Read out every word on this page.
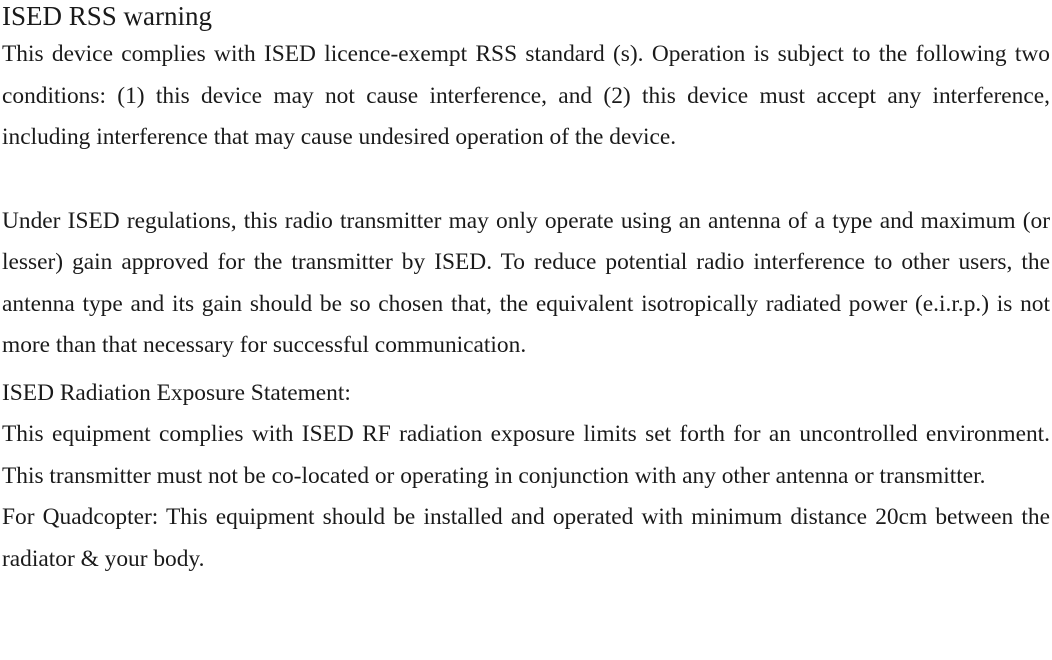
ISED RSS warning

This device complies with ISED licence-exempt RSS standard (s). Operation is subject to the following two conditions: (1) this device may not cause interference, and (2) this device must accept any interference, including interference that may cause undesired operation of the device.

Under ISED regulations, this radio transmitter may only operate using an antenna of a type and maximum (or lesser) gain approved for the transmitter by ISED. To reduce potential radio interference to other users, the antenna type and its gain should be so chosen that, the equivalent isotropically radiated power (e.i.r.p.) is not more than that necessary for successful communication.

ISED Radiation Exposure Statement:

This equipment complies with ISED RF radiation exposure limits set forth for an uncontrolled environment. This transmitter must not be co-located or operating in conjunction with any other antenna or transmitter.

For Quadcopter: This equipment should be installed and operated with minimum distance 20cm between the radiator & your body.
